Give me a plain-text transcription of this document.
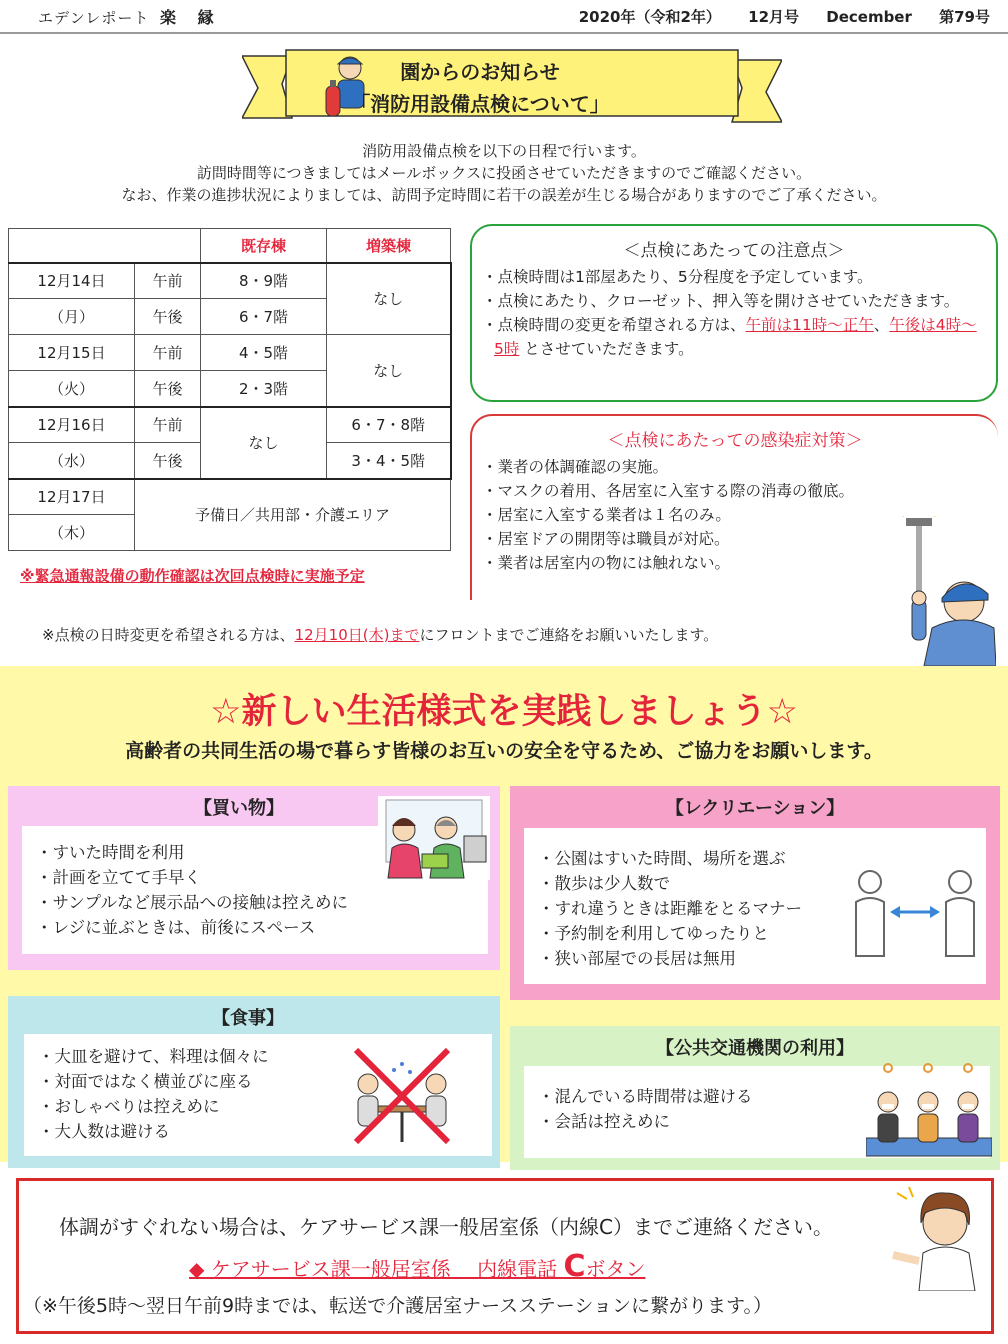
エデンレポート 楽 縁	2020年（令和2年） 12月号 December 第79号
園からのお知らせ
「消防用設備点検について」
消防用設備点検を以下の日程で行います。
訪問時間等につきましてはメールボックスに投函させていただきますのでご確認ください。
なお、作業の進捗状況によりましては、訪問予定時間に若干の誤差が生じる場合がありますのでご了承ください。
		既存棟	増築棟
12月14日	午前	8・9階	なし
（月）	午後	6・7階	
12月15日	午前	4・5階	なし
（火）	午後	2・3階	
12月16日	午前	なし	6・7・8階
（水）	午後		3・4・5階
12月17日	予備日／共用部・介護エリア		
（木）			
※緊急通報設備の動作確認は次回点検時に実施予定
＜点検にあたっての注意点＞
・点検時間は1部屋あたり、5分程度を予定しています。
・点検にあたり、クローゼット、押入等を開けさせていただきます。
・点検時間の変更を希望される方は、午前は11時～正午、午後は4時～5時 とさせていただきます。
＜点検にあたっての感染症対策＞
・業者の体調確認の実施。
・マスクの着用、各居室に入室する際の消毒の徹底。
・居室に入室する業者は１名のみ。
・居室ドアの開閉等は職員が対応。
・業者は居室内の物には触れない。
※点検の日時変更を希望される方は、12月10日(木)までにフロントまでご連絡をお願いいたします。
☆新しい生活様式を実践しましょう☆
高齢者の共同生活の場で暮らす皆様のお互いの安全を守るため、ご協力をお願いします。
【買い物】
・すいた時間を利用
・計画を立てて手早く
・サンプルなど展示品への接触は控えめに
・レジに並ぶときは、前後にスペース
【レクリエーション】
・公園はすいた時間、場所を選ぶ
・散歩は少人数で
・すれ違うときは距離をとるマナー
・予約制を利用してゆったりと
・狭い部屋での長居は無用
【食事】
・大皿を避けて、料理は個々に
・対面ではなく横並びに座る
・おしゃべりは控えめに
・大人数は避ける
【公共交通機関の利用】
・混んでいる時間帯は避ける
・会話は控えめに
体調がすぐれない場合は、ケアサービス課一般居室係（内線C）までご連絡ください。
◆ ケアサービス課一般居室係　 内線電話 Cボタン
（※午後5時～翌日午前9時までは、転送で介護居室ナースステーションに繋がります。）
